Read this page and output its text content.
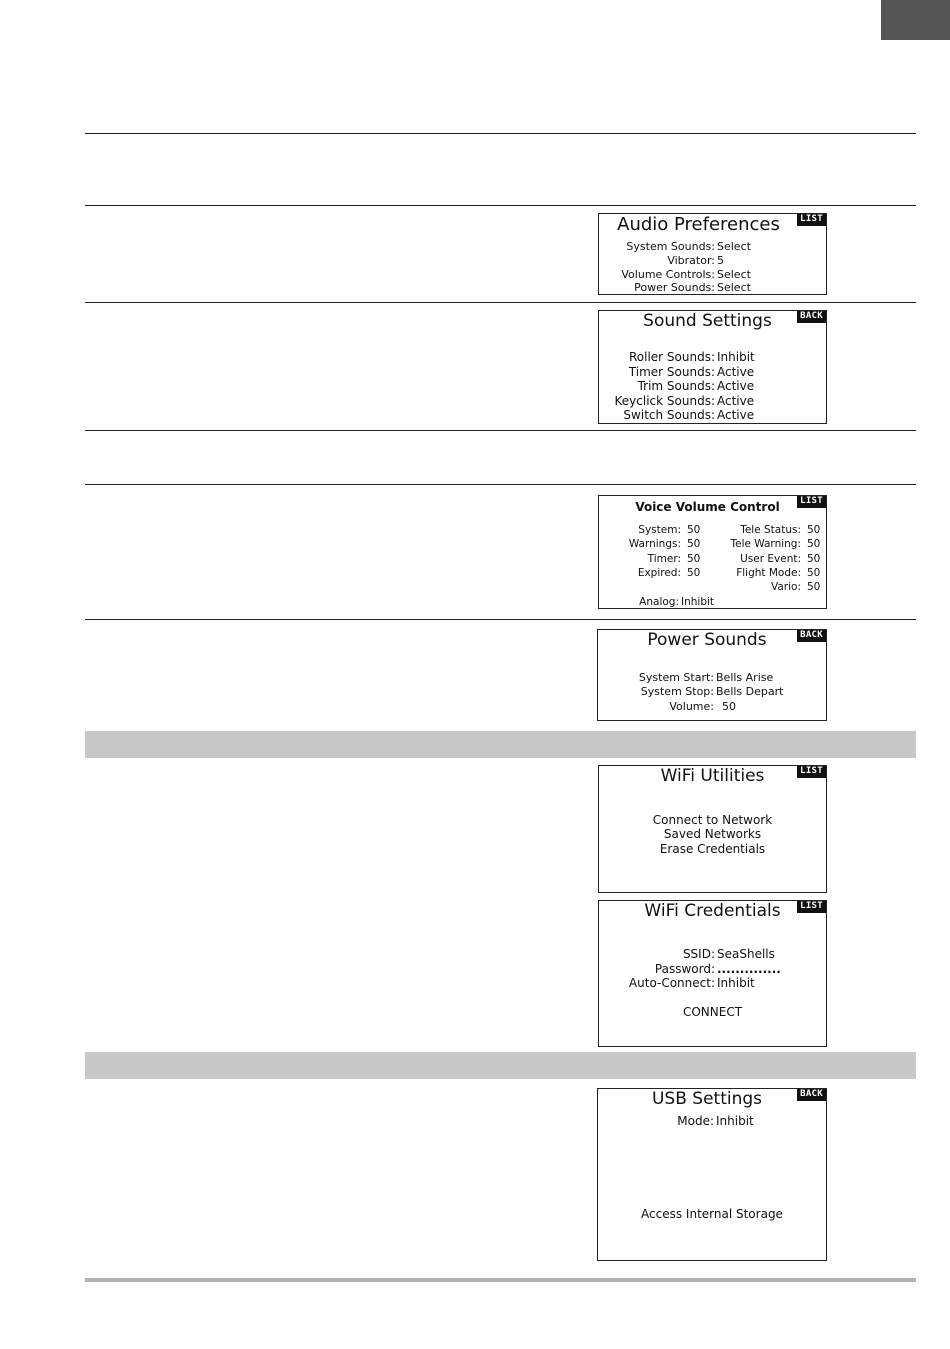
Audio Preferences	LIST
System Sounds: Select
Vibrator: 5
Volume Controls: Select
Power Sounds: Select
Sound Settings	BACK
Roller Sounds: Inhibit
Timer Sounds: Active
Trim Sounds: Active
Keyclick Sounds: Active
Switch Sounds: Active
Voice Volume Control	LIST
System: 50
Warnings: 50
Timer: 50
Expired: 50
Tele Status: 50
Tele Warning: 50
User Event: 50
Flight Mode: 50
Vario: 50
Analog: Inhibit
Power Sounds	BACK
System Start: Bells Arise
System Stop: Bells Depart
Volume: 50
WiFi Utilities	LIST
Connect to Network
Saved Networks
Erase Credentials
WiFi Credentials	LIST
SSID: SeaShells
Password: ..............
Auto-Connect: Inhibit
CONNECT
USB Settings	BACK
Mode: Inhibit
Access Internal Storage
